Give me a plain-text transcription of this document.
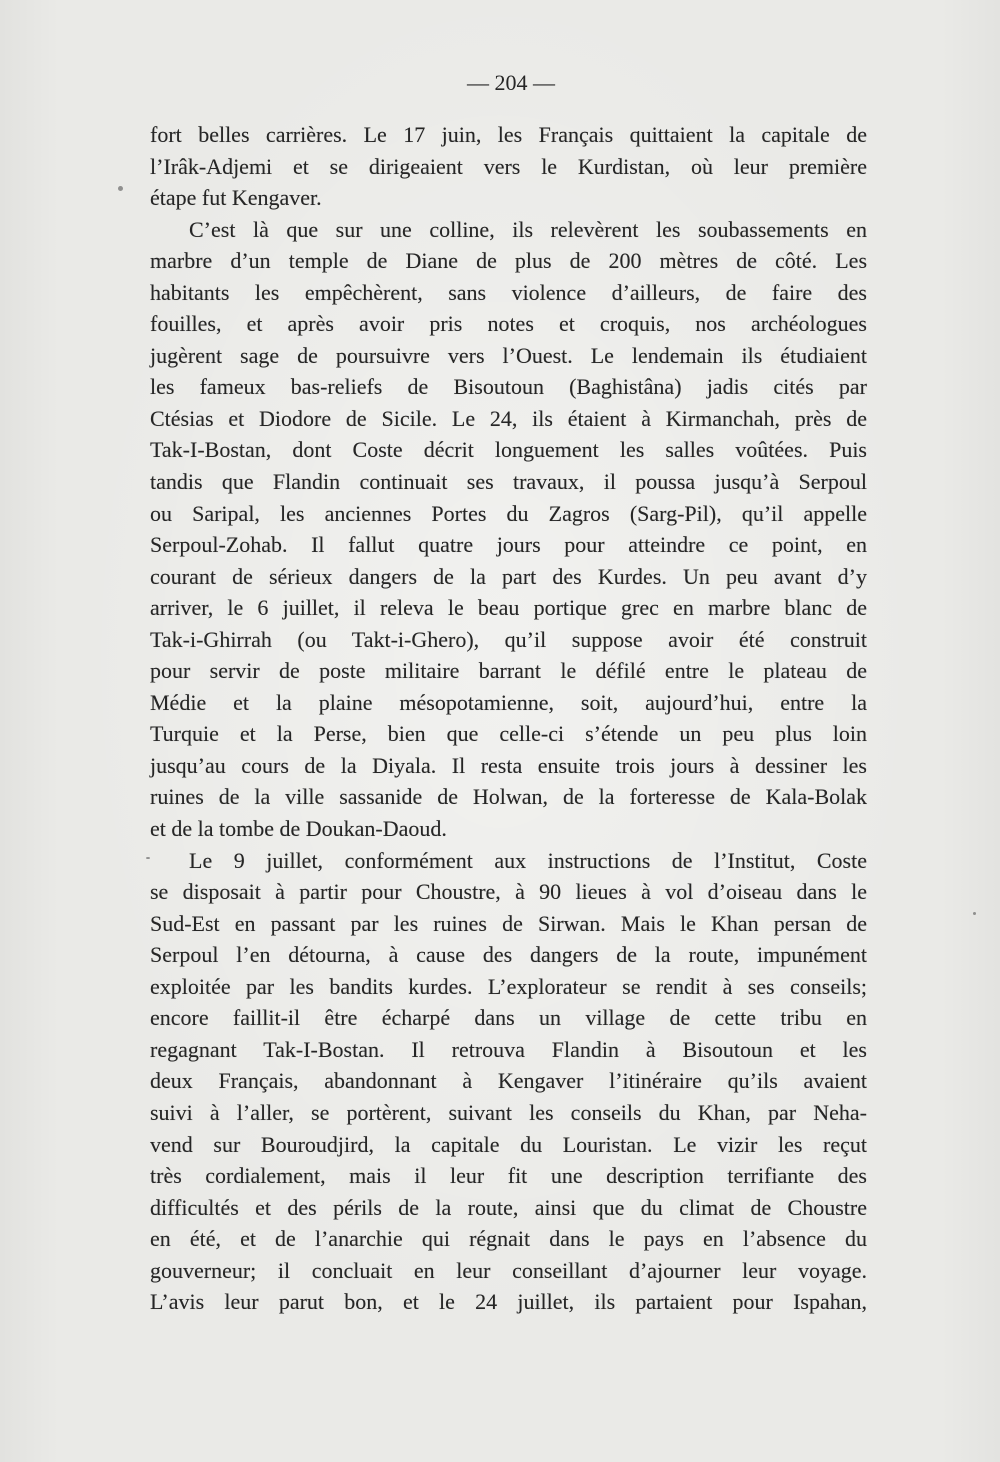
— 204 —
fort belles carrières. Le 17 juin, les Français quittaient la capitale de
l’Irâk-Adjemi et se dirigeaient vers le Kurdistan, où leur première
étape fut Kengaver.
C’est là que sur une colline, ils relevèrent les soubassements en
marbre d’un temple de Diane de plus de 200 mètres de côté. Les
habitants les empêchèrent, sans violence d’ailleurs, de faire des
fouilles, et après avoir pris notes et croquis, nos archéologues
jugèrent sage de poursuivre vers l’Ouest. Le lendemain ils étudiaient
les fameux bas-reliefs de Bisoutoun (Baghistâna) jadis cités par
Ctésias et Diodore de Sicile. Le 24, ils étaient à Kirmanchah, près de
Tak-I-Bostan, dont Coste décrit longuement les salles voûtées. Puis
tandis que Flandin continuait ses travaux, il poussa jusqu’à Serpoul
ou Saripal, les anciennes Portes du Zagros (Sarg-Pil), qu’il appelle
Serpoul-Zohab. Il fallut quatre jours pour atteindre ce point, en
courant de sérieux dangers de la part des Kurdes. Un peu avant d’y
arriver, le 6 juillet, il releva le beau portique grec en marbre blanc de
Tak-i-Ghirrah (ou Takt-i-Ghero), qu’il suppose avoir été construit
pour servir de poste militaire barrant le défilé entre le plateau de
Médie et la plaine mésopotamienne, soit, aujourd’hui, entre la
Turquie et la Perse, bien que celle-ci s’étende un peu plus loin
jusqu’au cours de la Diyala. Il resta ensuite trois jours à dessiner les
ruines de la ville sassanide de Holwan, de la forteresse de Kala-Bolak
et de la tombe de Doukan-Daoud.
Le 9 juillet, conformément aux instructions de l’Institut, Coste
se disposait à partir pour Choustre, à 90 lieues à vol d’oiseau dans le
Sud-Est en passant par les ruines de Sirwan. Mais le Khan persan de
Serpoul l’en détourna, à cause des dangers de la route, impunément
exploitée par les bandits kurdes. L’explorateur se rendit à ses conseils;
encore faillit-il être écharpé dans un village de cette tribu en
regagnant Tak-I-Bostan. Il retrouva Flandin à Bisoutoun et les
deux Français, abandonnant à Kengaver l’itinéraire qu’ils avaient
suivi à l’aller, se portèrent, suivant les conseils du Khan, par Neha-
vend sur Bouroudjird, la capitale du Louristan. Le vizir les reçut
très cordialement, mais il leur fit une description terrifiante des
difficultés et des périls de la route, ainsi que du climat de Choustre
en été, et de l’anarchie qui régnait dans le pays en l’absence du
gouverneur; il concluait en leur conseillant d’ajourner leur voyage.
L’avis leur parut bon, et le 24 juillet, ils partaient pour Ispahan,
